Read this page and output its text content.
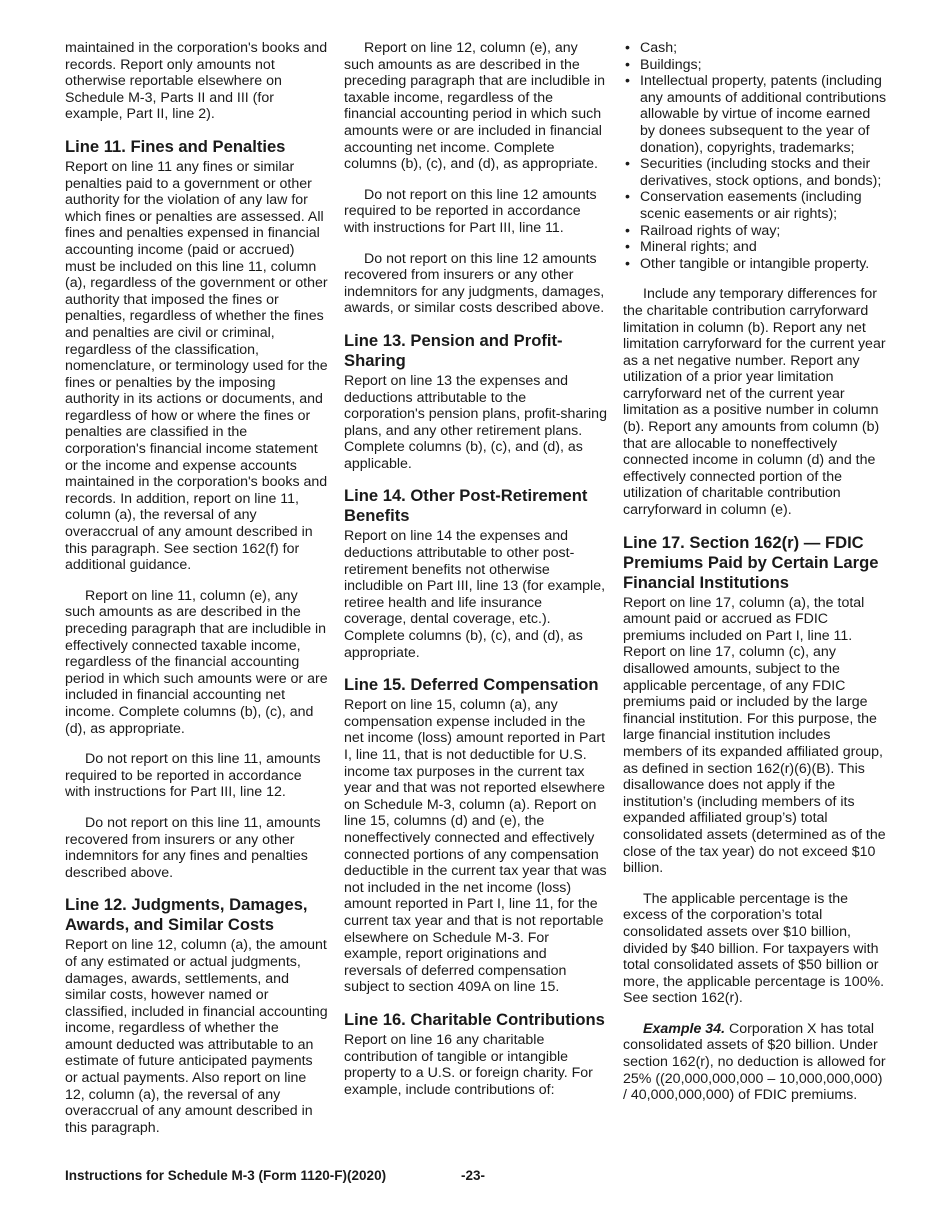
maintained in the corporation's books and records. Report only amounts not otherwise reportable elsewhere on Schedule M-3, Parts II and III (for example, Part II, line 2).

Line 11. Fines and Penalties

Report on line 11 any fines or similar penalties paid to a government or other authority for the violation of any law for which fines or penalties are assessed. All fines and penalties expensed in financial accounting income (paid or accrued) must be included on this line 11, column (a), regardless of the government or other authority that imposed the fines or penalties, regardless of whether the fines and penalties are civil or criminal, regardless of the classification, nomenclature, or terminology used for the fines or penalties by the imposing authority in its actions or documents, and regardless of how or where the fines or penalties are classified in the corporation's financial income statement or the income and expense accounts maintained in the corporation's books and records. In addition, report on line 11, column (a), the reversal of any overaccrual of any amount described in this paragraph. See section 162(f) for additional guidance.

Report on line 11, column (e), any such amounts as are described in the preceding paragraph that are includible in effectively connected taxable income, regardless of the financial accounting period in which such amounts were or are included in financial accounting net income. Complete columns (b), (c), and (d), as appropriate.

Do not report on this line 11, amounts required to be reported in accordance with instructions for Part III, line 12.

Do not report on this line 11, amounts recovered from insurers or any other indemnitors for any fines and penalties described above.

Line 12. Judgments, Damages, Awards, and Similar Costs

Report on line 12, column (a), the amount of any estimated or actual judgments, damages, awards, settlements, and similar costs, however named or classified, included in financial accounting income, regardless of whether the amount deducted was attributable to an estimate of future anticipated payments or actual payments. Also report on line 12, column (a), the reversal of any overaccrual of any amount described in this paragraph.

Report on line 12, column (e), any such amounts as are described in the preceding paragraph that are includible in taxable income, regardless of the financial accounting period in which such amounts were or are included in financial accounting net income. Complete columns (b), (c), and (d), as appropriate.

Do not report on this line 12 amounts required to be reported in accordance with instructions for Part III, line 11.

Do not report on this line 12 amounts recovered from insurers or any other indemnitors for any judgments, damages, awards, or similar costs described above.

Line 13. Pension and Profit-Sharing

Report on line 13 the expenses and deductions attributable to the corporation's pension plans, profit-sharing plans, and any other retirement plans. Complete columns (b), (c), and (d), as applicable.

Line 14. Other Post-Retirement Benefits

Report on line 14 the expenses and deductions attributable to other post-retirement benefits not otherwise includible on Part III, line 13 (for example, retiree health and life insurance coverage, dental coverage, etc.). Complete columns (b), (c), and (d), as appropriate.

Line 15. Deferred Compensation

Report on line 15, column (a), any compensation expense included in the net income (loss) amount reported in Part I, line 11, that is not deductible for U.S. income tax purposes in the current tax year and that was not reported elsewhere on Schedule M-3, column (a). Report on line 15, columns (d) and (e), the noneffectively connected and effectively connected portions of any compensation deductible in the current tax year that was not included in the net income (loss) amount reported in Part I, line 11, for the current tax year and that is not reportable elsewhere on Schedule M-3. For example, report originations and reversals of deferred compensation subject to section 409A on line 15.

Line 16. Charitable Contributions

Report on line 16 any charitable contribution of tangible or intangible property to a U.S. or foreign charity. For example, include contributions of:

• Cash;
• Buildings;
• Intellectual property, patents (including any amounts of additional contributions allowable by virtue of income earned by donees subsequent to the year of donation), copyrights, trademarks;
• Securities (including stocks and their derivatives, stock options, and bonds);
• Conservation easements (including scenic easements or air rights);
• Railroad rights of way;
• Mineral rights; and
• Other tangible or intangible property.

Include any temporary differences for the charitable contribution carryforward limitation in column (b). Report any net limitation carryforward for the current year as a net negative number. Report any utilization of a prior year limitation carryforward net of the current year limitation as a positive number in column (b). Report any amounts from column (b) that are allocable to noneffectively connected income in column (d) and the effectively connected portion of the utilization of charitable contribution carryforward in column (e).

Line 17. Section 162(r) — FDIC Premiums Paid by Certain Large Financial Institutions

Report on line 17, column (a), the total amount paid or accrued as FDIC premiums included on Part I, line 11. Report on line 17, column (c), any disallowed amounts, subject to the applicable percentage, of any FDIC premiums paid or included by the large financial institution. For this purpose, the large financial institution includes members of its expanded affiliated group, as defined in section 162(r)(6)(B). This disallowance does not apply if the institution’s (including members of its expanded affiliated group’s) total consolidated assets (determined as of the close of the tax year) do not exceed $10 billion.

The applicable percentage is the excess of the corporation’s total consolidated assets over $10 billion, divided by $40 billion. For taxpayers with total consolidated assets of $50 billion or more, the applicable percentage is 100%. See section 162(r).

Example 34. Corporation X has total consolidated assets of $20 billion. Under section 162(r), no deduction is allowed for 25% ((20,000,000,000 – 10,000,000,000) / 40,000,000,000) of FDIC premiums.

Instructions for Schedule M-3 (Form 1120-F)(2020)	-23-
